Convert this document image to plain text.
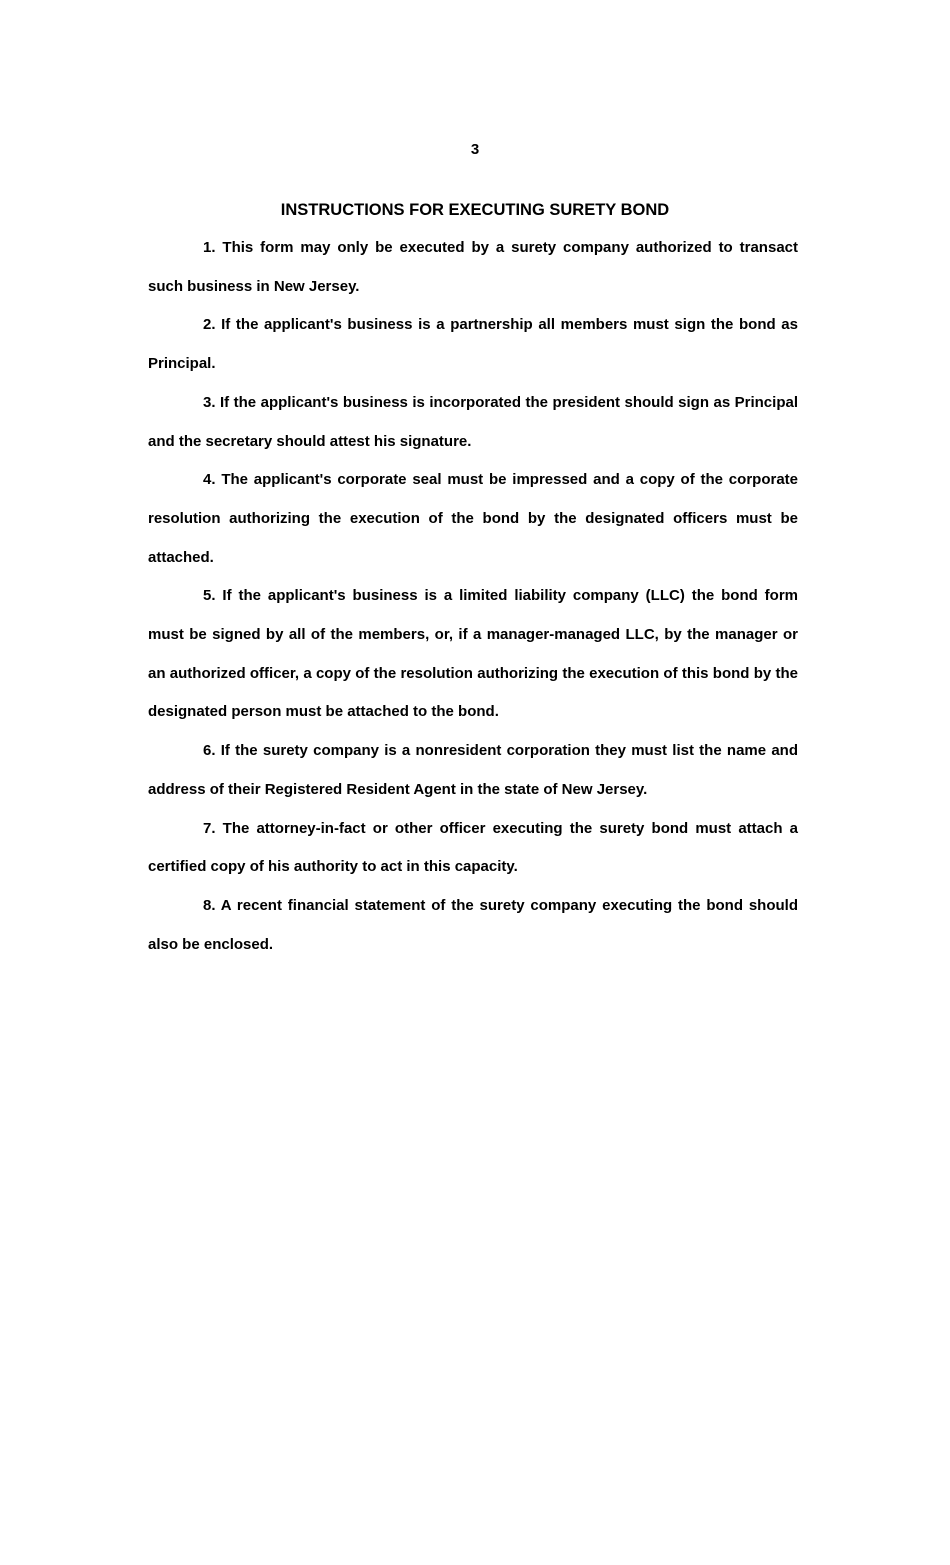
3
INSTRUCTIONS FOR EXECUTING SURETY BOND
1. This form may only be executed by a surety company authorized to transact such business in New Jersey.
2. If the applicant's business is a partnership all members must sign the bond as Principal.
3. If the applicant's business is incorporated the president should sign as Principal and the secretary should attest his signature.
4. The applicant's corporate seal must be impressed and a copy of the corporate resolution authorizing the execution of the bond by the designated officers must be attached.
5. If the applicant's business is a limited liability company (LLC) the bond form must be signed by all of the members, or, if a manager-managed LLC, by the manager or an authorized officer, a copy of the resolution authorizing the execution of this bond by the designated person must be attached to the bond.
6. If the surety company is a nonresident corporation they must list the name and address of their Registered Resident Agent in the state of New Jersey.
7. The attorney-in-fact or other officer executing the surety bond must attach a certified copy of his authority to act in this capacity.
8. A recent financial statement of the surety company executing the bond should also be enclosed.
